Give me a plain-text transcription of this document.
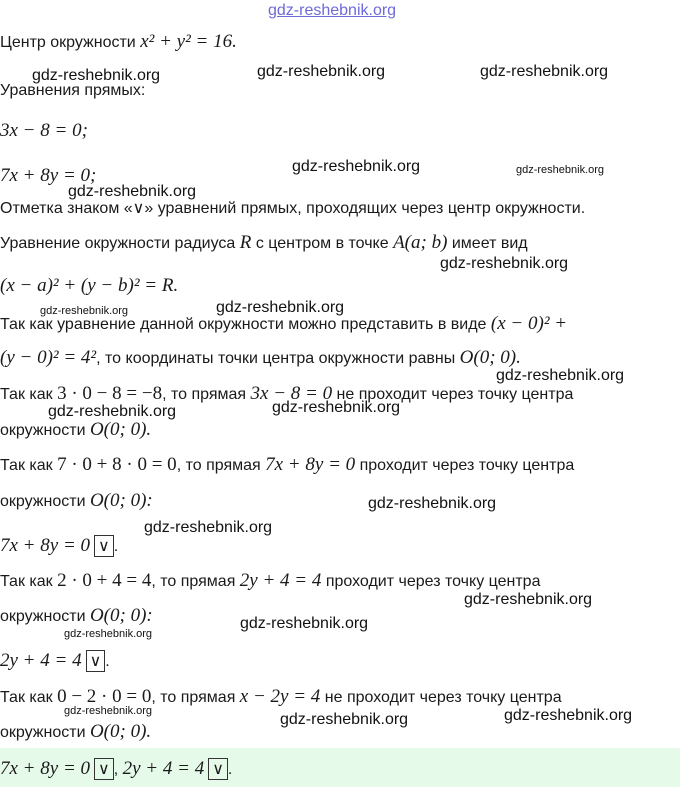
gdz-reshebnik.org
Центр окружности x² + y² = 16.
Уравнения прямых:
3x − 8 = 0;
7x + 8y = 0;
Отметка знаком «∨» уравнений прямых, проходящих через центр окружности.
Уравнение окружности радиуса R с центром в точке A(a; b) имеет вид
(x − a)² + (y − b)² = R.
Так как уравнение данной окружности можно представить в виде (x − 0)² +
(y − 0)² = 4², то координаты точки центра окружности равны O(0; 0).
Так как 3 · 0 − 8 = −8, то прямая 3x − 8 = 0 не проходит через точку центра
окружности O(0; 0).
Так как 7 · 0 + 8 · 0 = 0, то прямая 7x + 8y = 0 проходит через точку центра
окружности O(0; 0):
7x + 8y = 0 ∨ .
Так как 2 · 0 + 4 = 4, то прямая 2y + 4 = 4 проходит через точку центра
окружности O(0; 0):
2y + 4 = 4 ∨ .
Так как 0 − 2 · 0 = 0, то прямая x − 2y = 4 не проходит через точку центра
окружности O(0; 0).
7x + 8y = 0 ∨ , 2y + 4 = 4 ∨ .
gdz-reshebnik.org	gdz-reshebnik.org	gdz-reshebnik.org
gdz-reshebnik.org	gdz-reshebnik.org
gdz-reshebnik.org
gdz-reshebnik.org
gdz-reshebnik.org	gdz-reshebnik.org
gdz-reshebnik.org
gdz-reshebnik.org	gdz-reshebnik.org
gdz-reshebnik.org
gdz-reshebnik.org
gdz-reshebnik.org
gdz-reshebnik.org
gdz-reshebnik.org
gdz-reshebnik.org	gdz-reshebnik.org	gdz-reshebnik.org
